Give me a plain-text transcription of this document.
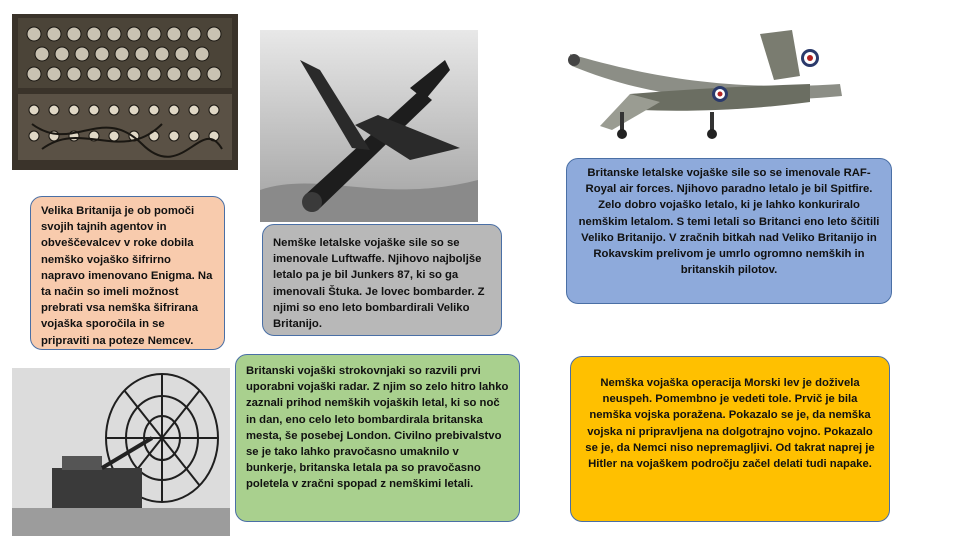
Velika Britanija je ob pomoči svojih tajnih agentov in obveščevalcev v roke dobila nemško vojaško šifrirno napravo imenovano Enigma. Na ta način so imeli možnost prebrati vsa nemška šifrirana vojaška sporočila in se pripraviti na poteze Nemcev.
Nemške letalske vojaške sile so se imenovale Luftwaffe. Njihovo najboljše letalo pa je bil Junkers 87, ki so ga imenovali Štuka. Je lovec bombarder. Z njimi so eno leto bombardirali Veliko Britanijo.
Britanske letalske vojaške sile so se imenovale RAF- Royal air forces. Njihovo paradno letalo je bil Spitfire. Zelo dobro vojaško letalo, ki je lahko konkuriralo nemškim letalom. S temi letali so Britanci eno leto ščitili Veliko Britanijo. V zračnih bitkah nad Veliko Britanijo in Rokavskim prelivom je umrlo ogromno nemških in britanskih pilotov.
Britanski vojaški strokovnjaki so razvili prvi uporabni vojaški radar. Z njim so zelo hitro lahko zaznali prihod nemških vojaških letal, ki so noč in dan, eno celo leto bombardirala britanska mesta, še posebej London. Civilno prebivalstvo se je tako lahko pravočasno umaknilo v bunkerje, britanska letala pa so pravočasno poletela v zračni spopad z nemškimi letali.
Nemška vojaška operacija Morski lev je doživela neuspeh. Pomembno je vedeti tole. Prvič je bila nemška vojska poražena. Pokazalo se je, da nemška vojska ni pripravljena na dolgotrajno vojno. Pokazalo se je, da Nemci niso nepremagljivi. Od takrat naprej je Hitler na vojaškem področju začel delati tudi napake.
